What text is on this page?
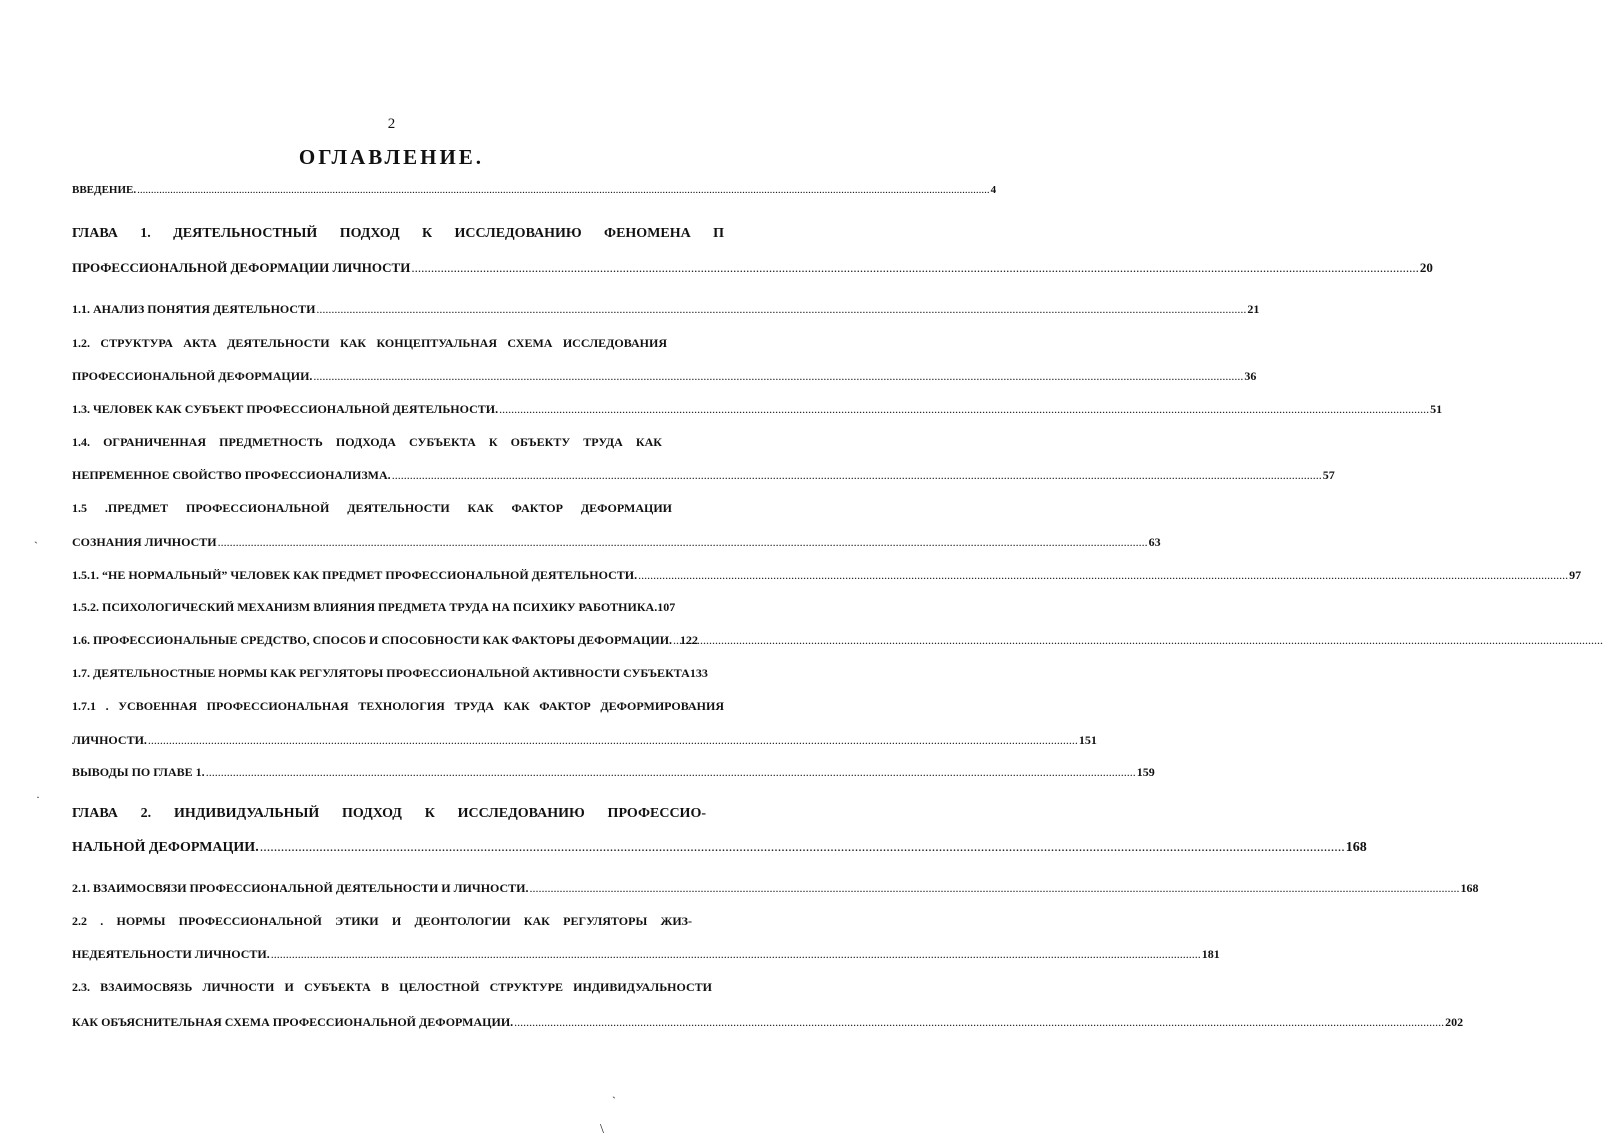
2
ОГЛАВЛЕНИЕ.
ВВЕДЕНИЕ. .....	4
ГЛАВА 1. ДЕЯТЕЛЬНОСТНЫЙ ПОДХОД К ИССЛЕДОВАНИЮ ФЕНОМЕНА П
ПРОФЕССИОНАЛЬНОЙ ДЕФОРМАЦИИ ЛИЧНОСТИ .....	20
1.1. АНАЛИЗ ПОНЯТИЯ ДЕЯТЕЛЬНОСТИ .....	21
1.2. СТРУКТУРА АКТА ДЕЯТЕЛЬНОСТИ КАК КОНЦЕПТУАЛЬНАЯ СХЕМА ИССЛЕДОВАНИЯ
ПРОФЕССИОНАЛЬНОЙ ДЕФОРМАЦИИ. .....	36
1.3. ЧЕЛОВЕК КАК СУБЪЕКТ ПРОФЕССИОНАЛЬНОЙ ДЕЯТЕЛЬНОСТИ. .....	51
1.4. ОГРАНИЧЕННАЯ ПРЕДМЕТНОСТЬ ПОДХОДА СУБЪЕКТА К ОБЪЕКТУ ТРУДА КАК
НЕПРЕМЕННОЕ СВОЙСТВО ПРОФЕССИОНАЛИЗМА. .....	57
1.5 .ПРЕДМЕТ ПРОФЕССИОНАЛЬНОЙ ДЕЯТЕЛЬНОСТИ КАК ФАКТОР ДЕФОРМАЦИИ
СОЗНАНИЯ ЛИЧНОСТИ .....	63
1.5.1. “НЕ НОРМАЛЬНЫЙ” ЧЕЛОВЕК КАК ПРЕДМЕТ ПРОФЕССИОНАЛЬНОЙ ДЕЯТЕЛЬНОСТИ. .....	97
1.5.2. ПСИХОЛОГИЧЕСКИЙ МЕХАНИЗМ ВЛИЯНИЯ ПРЕДМЕТА ТРУДА НА ПСИХИКУ РАБОТНИКА. 107
1.6. ПРОФЕССИОНАЛЬНЫЕ СРЕДСТВО, СПОСОБ И СПОСОБНОСТИ КАК ФАКТОРЫ ДЕФОРМАЦИИ. ..... 122
1.7. ДЕЯТЕЛЬНОСТНЫЕ НОРМЫ КАК РЕГУЛЯТОРЫ ПРОФЕССИОНАЛЬНОЙ АКТИВНОСТИ СУБЪЕКТА 133
1.7.1 . УСВОЕННАЯ ПРОФЕССИОНАЛЬНАЯ ТЕХНОЛОГИЯ ТРУДА КАК ФАКТОР ДЕФОРМИРОВАНИЯ
ЛИЧНОСТИ. .....	151
ВЫВОДЫ ПО ГЛАВЕ 1. .....	159
ГЛАВА 2. ИНДИВИДУАЛЬНЫЙ ПОДХОД К ИССЛЕДОВАНИЮ ПРОФЕССИО-
НАЛЬНОЙ ДЕФОРМАЦИИ. .....	168
2.1. ВЗАИМОСВЯЗИ ПРОФЕССИОНАЛЬНОЙ ДЕЯТЕЛЬНОСТИ И ЛИЧНОСТИ. .....	168
2.2 . НОРМЫ ПРОФЕССИОНАЛЬНОЙ ЭТИКИ И ДЕОНТОЛОГИИ КАК РЕГУЛЯТОРЫ ЖИЗ-
НЕДЕЯТЕЛЬНОСТИ ЛИЧНОСТИ. .....	181
2.3. ВЗАИМОСВЯЗЬ ЛИЧНОСТИ И СУБЪЕКТА В ЦЕЛОСТНОЙ СТРУКТУРЕ ИНДИВИДУАЛЬНОСТИ
КАК ОБЪЯСНИТЕЛЬНАЯ СХЕМА ПРОФЕССИОНАЛЬНОЙ ДЕФОРМАЦИИ. .....	202
ˏ
·
ˎ
\
